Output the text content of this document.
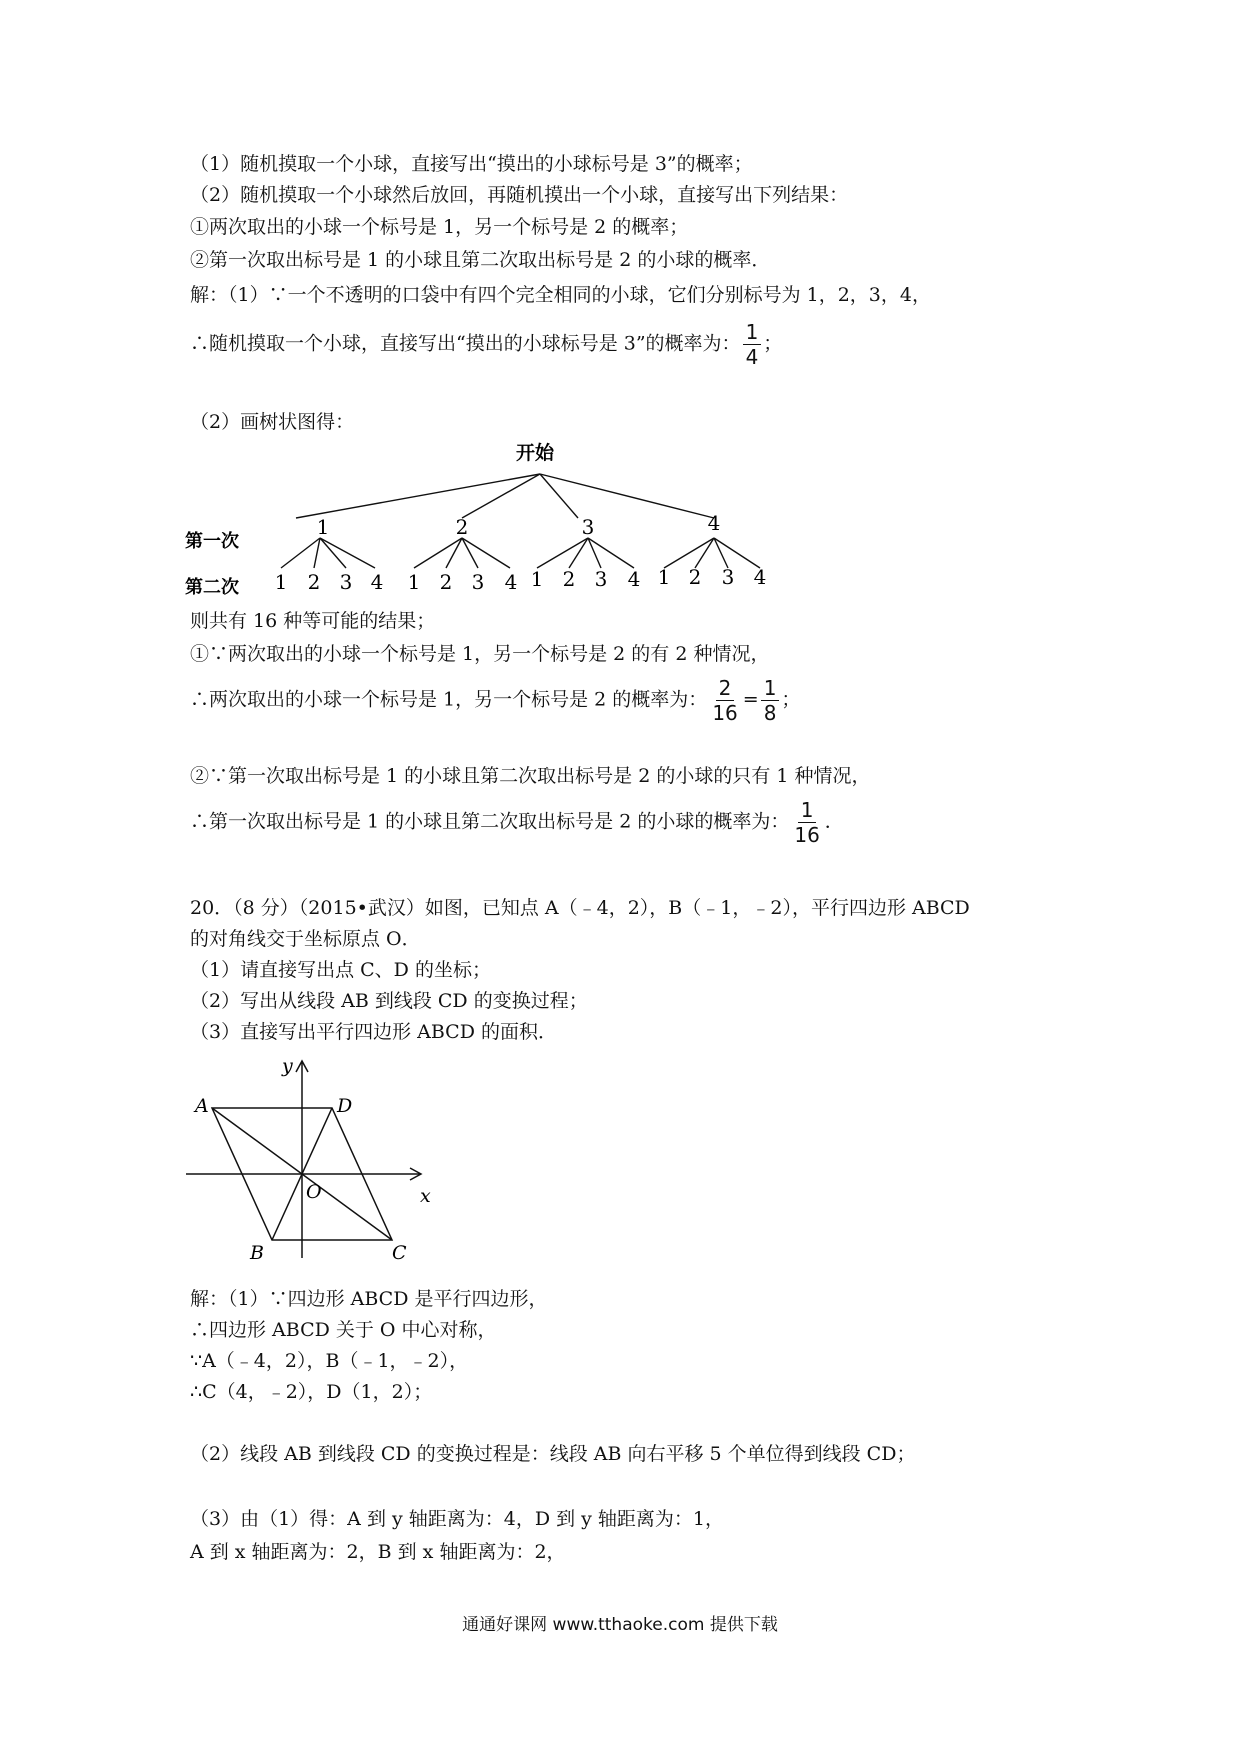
（1）随机摸取一个小球，直接写出“摸出的小球标号是 3”的概率；
（2）随机摸取一个小球然后放回，再随机摸出一个小球，直接写出下列结果：
①两次取出的小球一个标号是 1，另一个标号是 2 的概率；
②第一次取出标号是 1 的小球且第二次取出标号是 2 的小球的概率．
解：（1）∵一个不透明的口袋中有四个完全相同的小球，它们分别标号为 1，2，3，4，
∴随机摸取一个小球，直接写出“摸出的小球标号是 3”的概率为： $\frac{1}{4}$ ；
（2）画树状图得：
开始
第一次
第二次
1	2	3	4
1 2 3 4 1 2 3 4 1 2 3 4 1 2 3 4
则共有 16 种等可能的结果；
①∵两次取出的小球一个标号是 1，另一个标号是 2 的有 2 种情况，
∴两次取出的小球一个标号是 1，另一个标号是 2 的概率为： $\frac{2}{16} = \frac{1}{8}$ ；
②∵第一次取出标号是 1 的小球且第二次取出标号是 2 的小球的只有 1 种情况，
∴第一次取出标号是 1 的小球且第二次取出标号是 2 的小球的概率为： $\frac{1}{16}$ ．
20．（8 分）（2015•武汉）如图，已知点 A（﹣4，2），B（﹣1，﹣2），平行四边形 ABCD
的对角线交于坐标原点 O．
（1）请直接写出点 C、D 的坐标；
（2）写出从线段 AB 到线段 CD 的变换过程；
（3）直接写出平行四边形 ABCD 的面积．
y
x
A	D
B	C
O
解：（1）∵四边形 ABCD 是平行四边形，
∴四边形 ABCD 关于 O 中心对称，
∵A（﹣4，2），B（﹣1，﹣2），
∴C（4，﹣2），D（1，2）；
（2）线段 AB 到线段 CD 的变换过程是：线段 AB 向右平移 5 个单位得到线段 CD；
（3）由（1）得：A 到 y 轴距离为：4，D 到 y 轴距离为：1，
A 到 x 轴距离为：2，B 到 x 轴距离为：2，
通通好课网 www.tthaoke.com 提供下载
